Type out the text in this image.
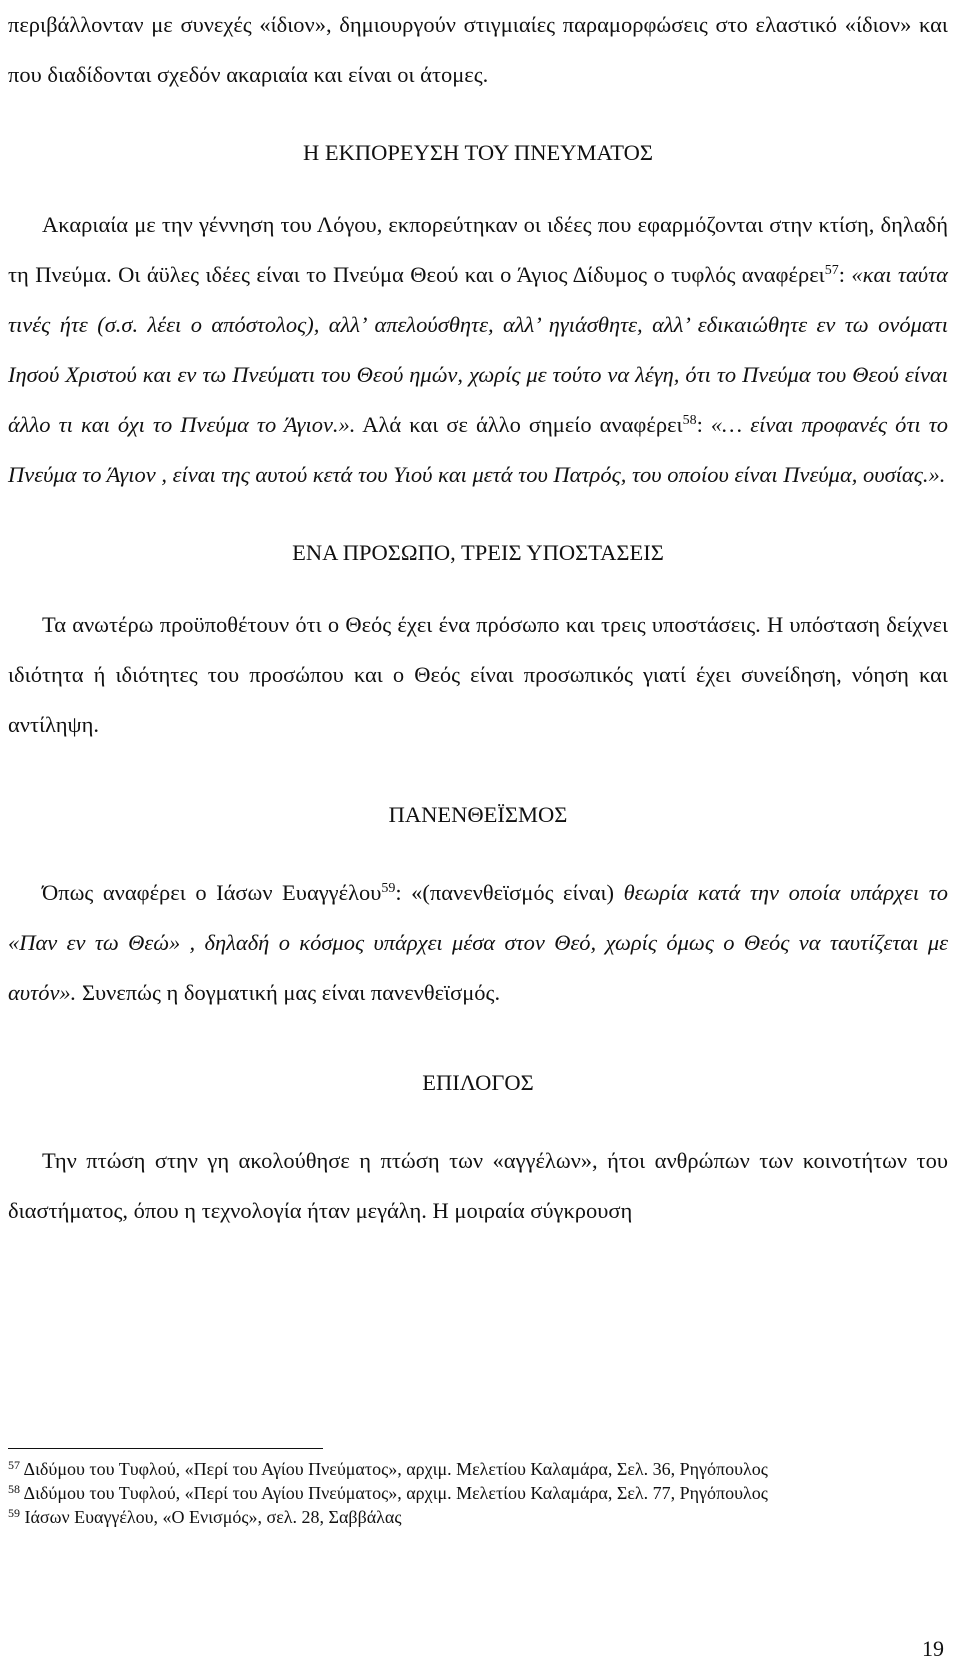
περιβάλλονταν με συνεχές «ίδιον», δημιουργούν στιγμιαίες παραμορφώσεις στο ελαστικό «ίδιον» και που διαδίδονται σχεδόν ακαριαία και είναι οι άτομες.

Η ΕΚΠΟΡΕΥΣΗ ΤΟΥ ΠΝΕΥΜΑΤΟΣ

Ακαριαία με την γέννηση του Λόγου, εκπορεύτηκαν οι ιδέες που εφαρμόζονται στην κτίση, δηλαδή τη Πνεύμα. Οι άϋλες ιδέες είναι το Πνεύμα Θεού και ο Άγιος Δίδυμος ο τυφλός αναφέρει$^{57}$: «και ταύτα τινές ήτε (σ.σ. λέει ο απόστολος), αλλ’ απελούσθητε, αλλ’ ηγιάσθητε, αλλ’ εδικαιώθητε εν τω ονόματι Ιησού Χριστού και εν τω Πνεύματι του Θεού ημών, χωρίς με τούτο να λέγη, ότι το Πνεύμα του Θεού είναι άλλο τι και όχι το Πνεύμα το Άγιον.». Αλά και σε άλλο σημείο αναφέρει$^{58}$: «… είναι προφανές ότι το Πνεύμα το Άγιον , είναι της αυτού κετά του Υιού και μετά του Πατρός, του οποίου είναι Πνεύμα, ουσίας.».

ΕΝΑ ΠΡΟΣΩΠΟ, ΤΡΕΙΣ ΥΠΟΣΤΑΣΕΙΣ

Τα ανωτέρω προϋποθέτουν ότι ο Θεός έχει ένα πρόσωπο και τρεις υποστάσεις. Η υπόσταση δείχνει ιδιότητα ή ιδιότητες του προσώπου και ο Θεός είναι προσωπικός γιατί έχει συνείδηση, νόηση και αντίληψη.

ΠΑΝΕΝΘΕΪΣΜΟΣ

Όπως αναφέρει ο Ιάσων Ευαγγέλου$^{59}$: «(πανενθεϊσμός είναι) θεωρία κατά την οποία υπάρχει το «Παν εν τω Θεώ» , δηλαδή ο κόσμος υπάρχει μέσα στον Θεό, χωρίς όμως ο Θεός να ταυτίζεται με αυτόν». Συνεπώς η δογματική μας είναι πανενθεϊσμός.

ΕΠΙΛΟΓΟΣ

Την πτώση στην γη ακολούθησε η πτώση των «αγγέλων», ήτοι ανθρώπων των κοινοτήτων του διαστήματος, όπου η τεχνολογία ήταν μεγάλη. Η μοιραία σύγκρουση

$^{57}$ Διδύμου του Τυφλού, «Περί του Αγίου Πνεύματος», αρχιμ. Μελετίου Καλαμάρα, Σελ. 36, Ρηγόπουλος

$^{58}$ Διδύμου του Τυφλού, «Περί του Αγίου Πνεύματος», αρχιμ. Μελετίου Καλαμάρα, Σελ. 77, Ρηγόπουλος

$^{59}$ Ιάσων Ευαγγέλου, «Ο Ενισμός», σελ. 28, Σαββάλας

19
